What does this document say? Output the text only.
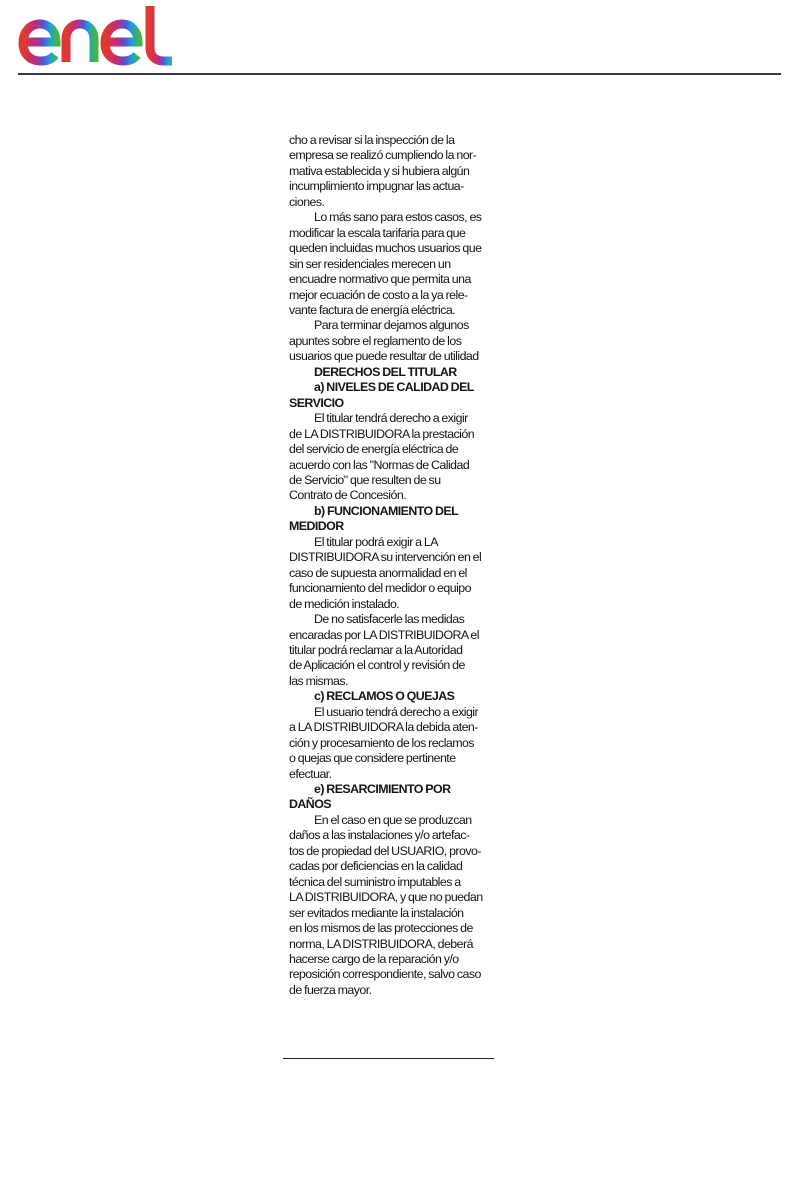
cho a revisar si la inspección de la
empresa se realizó cumpliendo la nor-
mativa establecida y si hubiera algún
incumplimiento impugnar las actua-
ciones.
Lo más sano para estos casos, es
modificar la escala tarifaria para que
queden incluidas muchos usuarios que
sin ser residenciales merecen un
encuadre normativo que permita una
mejor ecuación de costo a la ya rele-
vante factura de energía eléctrica.
Para terminar dejamos algunos
apuntes sobre el reglamento de los
usuarios que puede resultar de utilidad
DERECHOS DEL TITULAR
a) NIVELES DE CALIDAD DEL
SERVICIO
El titular tendrá derecho a exigir
de LA DISTRIBUIDORA la prestación
del servicio de energía eléctrica de
acuerdo con las "Normas de Calidad
de Servicio" que resulten de su
Contrato de Concesión.
b) FUNCIONAMIENTO DEL
MEDIDOR
El titular podrá exigir a LA
DISTRIBUIDORA su intervención en el
caso de supuesta anormalidad en el
funcionamiento del medidor o equipo
de medición instalado.
De no satisfacerle las medidas
encaradas por LA DISTRIBUIDORA el
titular podrá reclamar a la Autoridad
de Aplicación el control y revisión de
las mismas.
c) RECLAMOS O QUEJAS
El usuario tendrá derecho a exigir
a LA DISTRIBUIDORA la debida aten-
ción y procesamiento de los reclamos
o quejas que considere pertinente
efectuar.
e) RESARCIMIENTO POR
DAÑOS
En el caso en que se produzcan
daños a las instalaciones y/o artefac-
tos de propiedad del USUARIO, provo-
cadas por deficiencias en la calidad
técnica del suministro imputables a
LA DISTRIBUIDORA, y que no puedan
ser evitados mediante la instalación
en los mismos de las protecciones de
norma, LA DISTRIBUIDORA, deberá
hacerse cargo de la reparación y/o
reposición correspondiente, salvo caso
de fuerza mayor.
